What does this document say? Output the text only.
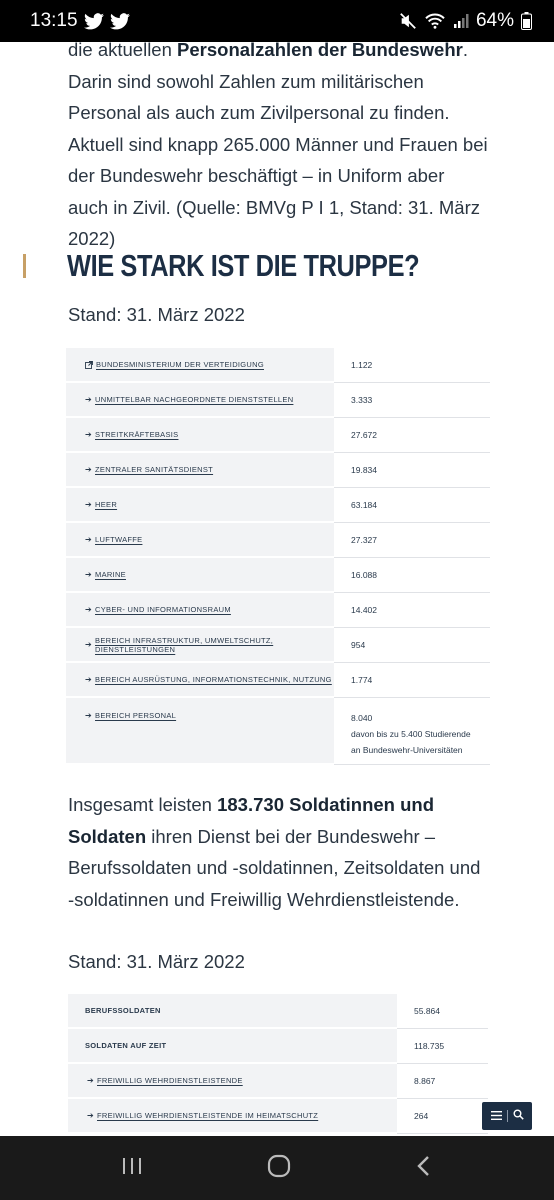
13:15	64%

die aktuellen Personalzahlen der Bundeswehr. Darin sind sowohl Zahlen zum militärischen Personal als auch zum Zivilpersonal zu finden. Aktuell sind knapp 265.000 Männer und Frauen bei der Bundeswehr beschäftigt – in Uniform aber auch in Zivil. (Quelle: BMVg P I 1, Stand: 31. März 2022)

WIE STARK IST DIE TRUPPE?
Stand: 31. März 2022
BUNDESMINISTERIUM DER VERTEIDIGUNG	1.122
➔ UNMITTELBAR NACHGEORDNETE DIENSTSTELLEN	3.333
➔ STREITKRÄFTEBASIS	27.672
➔ ZENTRALER SANITÄTSDIENST	19.834
➔ HEER	63.184
➔ LUFTWAFFE	27.327
➔ MARINE	16.088
➔ CYBER- UND INFORMATIONSRAUM	14.402
➔ BEREICH INFRASTRUKTUR, UMWELTSCHUTZ, DIENSTLEISTUNGEN	954
➔ BEREICH AUSRÜSTUNG, INFORMATIONSTECHNIK, NUTZUNG 1.774
➔ BEREICH PERSONAL	8.040
davon bis zu 5.400 Studierende
an Bundeswehr-Universitäten

Insgesamt leisten 183.730 Soldatinnen und Soldaten ihren Dienst bei der Bundeswehr – Berufssoldaten und -soldatinnen, Zeitsoldaten und -soldatinnen und Freiwillig Wehrdienstleistende.

Stand: 31. März 2022
BERUFSSOLDATEN	55.864
SOLDATEN AUF ZEIT	118.735
➔ FREIWILLIG WEHRDIENSTLEISTENDE	8.867
➔ FREIWILLIG WEHRDIENSTLEISTENDE IM HEIMATSCHUTZ	264
